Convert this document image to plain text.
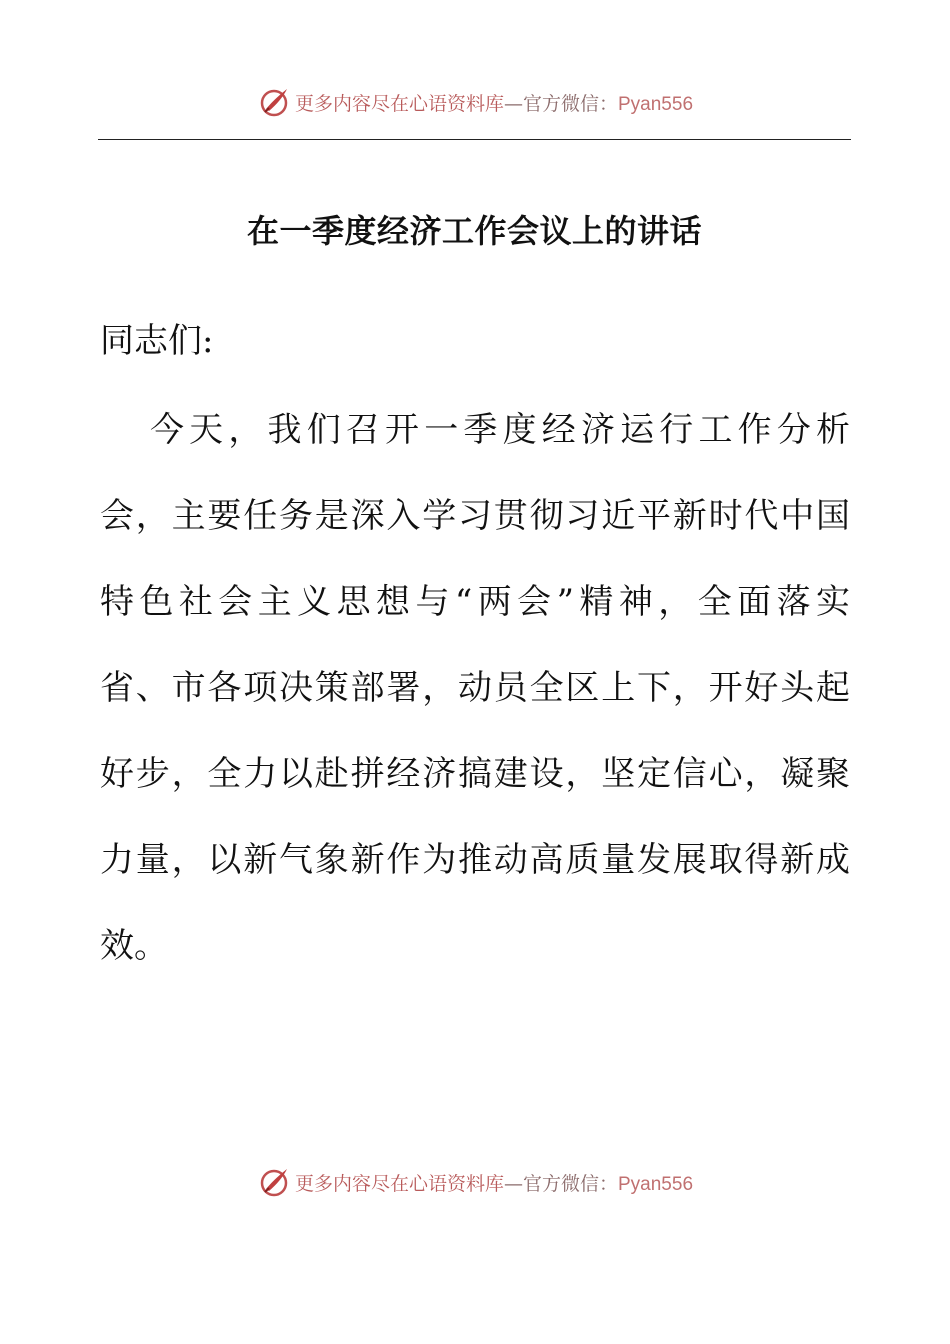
更多内容尽在心语资料库—官方微信：Pyan556
在一季度经济工作会议上的讲话
同志们:
今天，我们召开一季度经济运行工作分析
会，主要任务是深入学习贯彻习近平新时代中国
特色社会主义思想与“两会”精神，全面落实
省、市各项决策部署，动员全区上下，开好头起
好步，全力以赴拼经济搞建设，坚定信心，凝聚
力量，以新气象新作为推动高质量发展取得新成
效。
更多内容尽在心语资料库—官方微信：Pyan556
